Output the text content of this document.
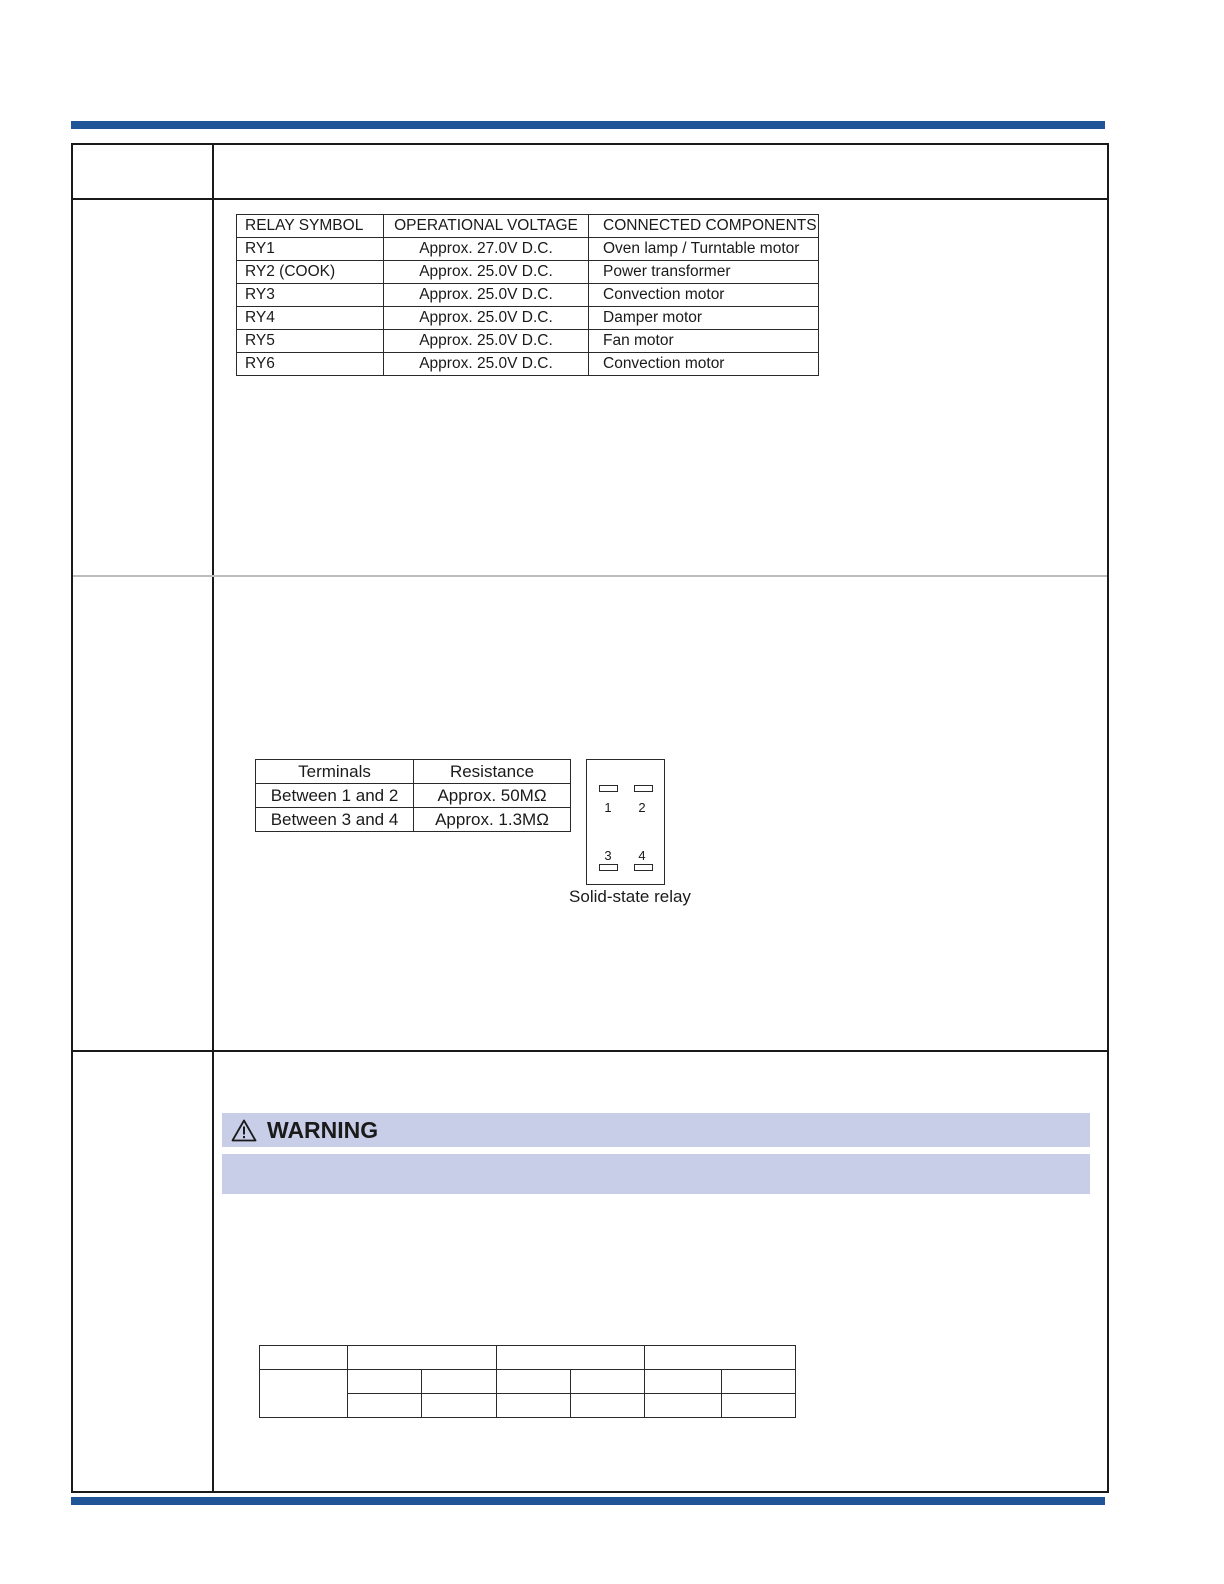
RELAY SYMBOL	OPERATIONAL VOLTAGE	CONNECTED COMPONENTS
RY1	Approx. 27.0V D.C.	Oven lamp / Turntable motor
RY2 (COOK)	Approx. 25.0V D.C.	Power transformer
RY3	Approx. 25.0V D.C.	Convection motor
RY4	Approx. 25.0V D.C.	Damper motor
RY5	Approx. 25.0V D.C.	Fan motor
RY6	Approx. 25.0V D.C.	Convection motor
Terminals	Resistance
Between 1 and 2	Approx. 50MΩ
Between 3 and 4	Approx. 1.3MΩ
1	2
3	4
Solid-state relay
WARNING
